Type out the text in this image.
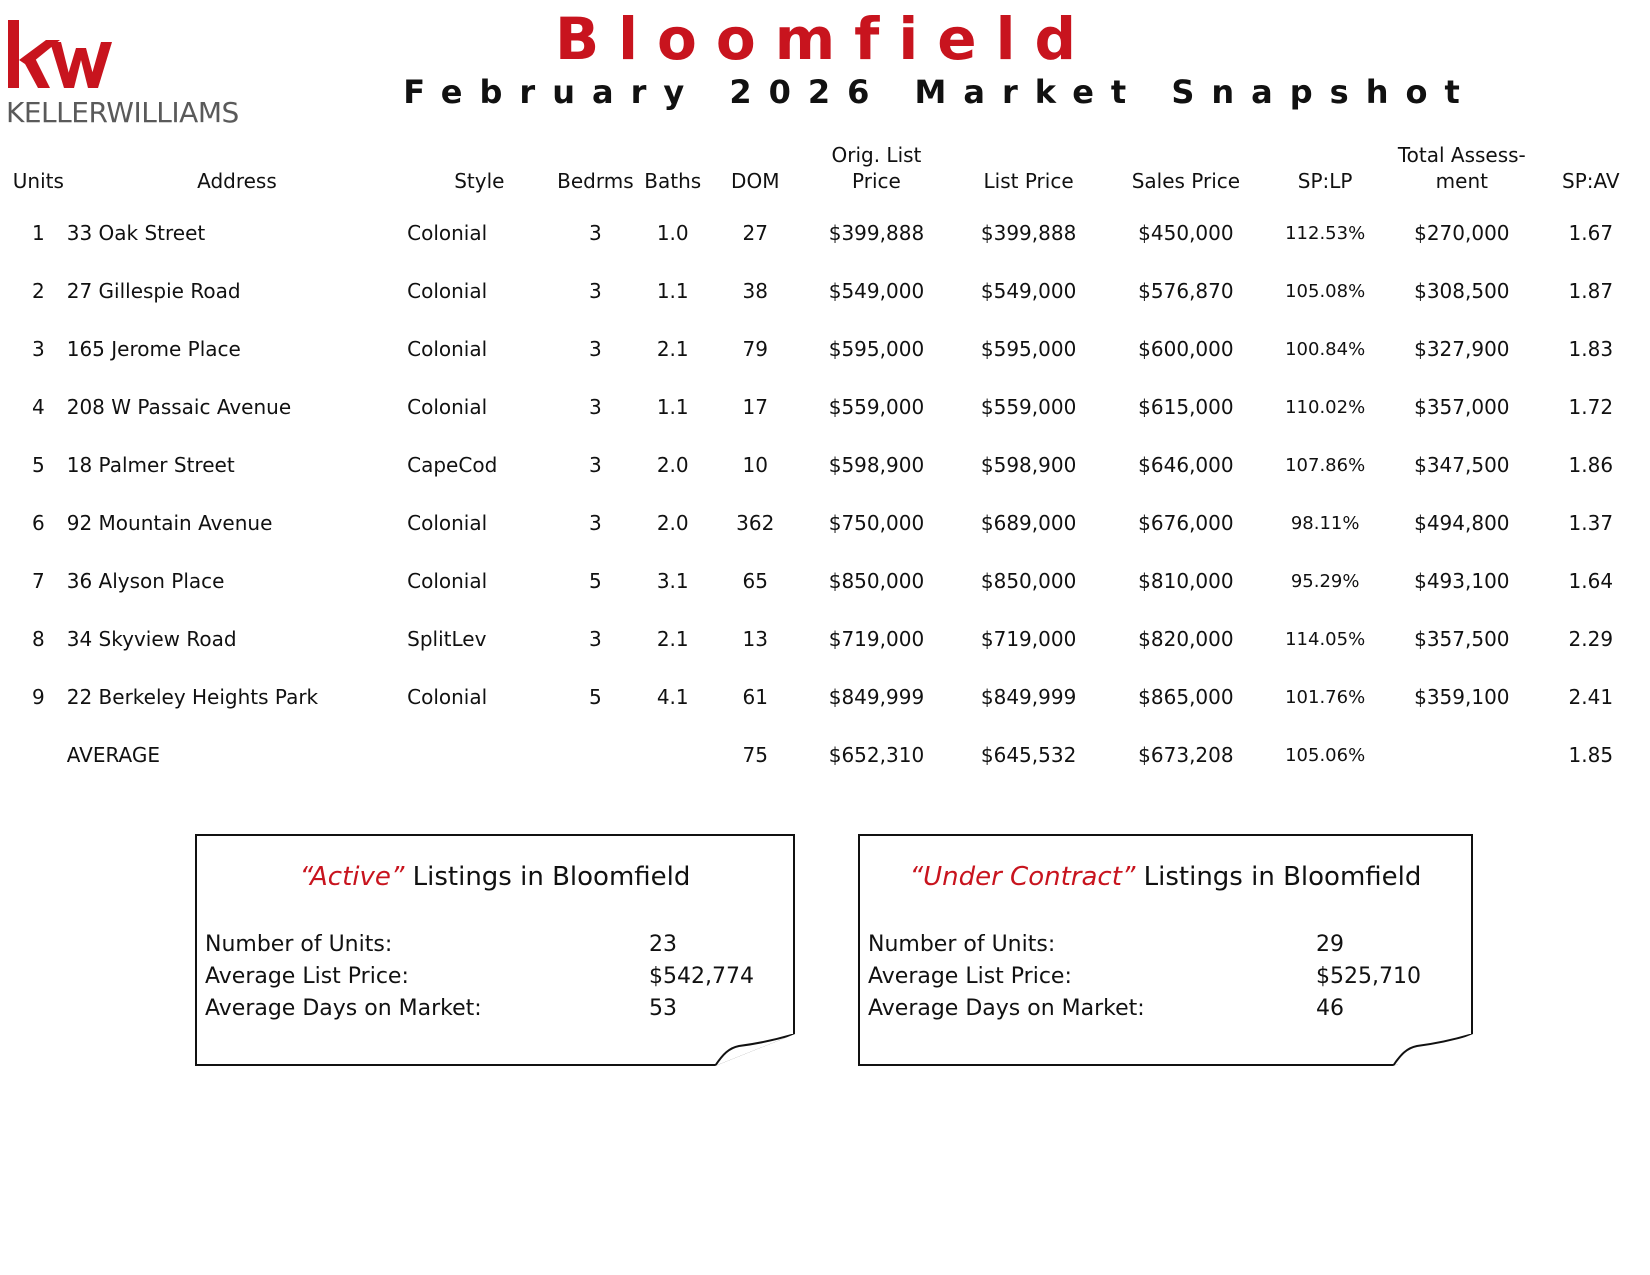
KELLERWILLIAMS
Bloomfield
February 2026 Market Snapshot
Units	Address	Style	Bedrms	Baths	DOM	Orig. List Price	List Price	Sales Price	SP:LP	Total Assess-ment	SP:AV
1	33 Oak Street	Colonial	3	1.0	27	$399,888	$399,888	$450,000	112.53%	$270,000	1.67
2	27 Gillespie Road	Colonial	3	1.1	38	$549,000	$549,000	$576,870	105.08%	$308,500	1.87
3	165 Jerome Place	Colonial	3	2.1	79	$595,000	$595,000	$600,000	100.84%	$327,900	1.83
4	208 W Passaic Avenue	Colonial	3	1.1	17	$559,000	$559,000	$615,000	110.02%	$357,000	1.72
5	18 Palmer Street	CapeCod	3	2.0	10	$598,900	$598,900	$646,000	107.86%	$347,500	1.86
6	92 Mountain Avenue	Colonial	3	2.0	362	$750,000	$689,000	$676,000	98.11%	$494,800	1.37
7	36 Alyson Place	Colonial	5	3.1	65	$850,000	$850,000	$810,000	95.29%	$493,100	1.64
8	34 Skyview Road	SplitLev	3	2.1	13	$719,000	$719,000	$820,000	114.05%	$357,500	2.29
9	22 Berkeley Heights Park	Colonial	5	4.1	61	$849,999	$849,999	$865,000	101.76%	$359,100	2.41
	AVERAGE				75	$652,310	$645,532	$673,208	105.06%		1.85
“Active” Listings in Bloomfield
Number of Units:	23
Average List Price:	$542,774
Average Days on Market:	53
“Under Contract” Listings in Bloomfield
Number of Units:	29
Average List Price:	$525,710
Average Days on Market:	46
